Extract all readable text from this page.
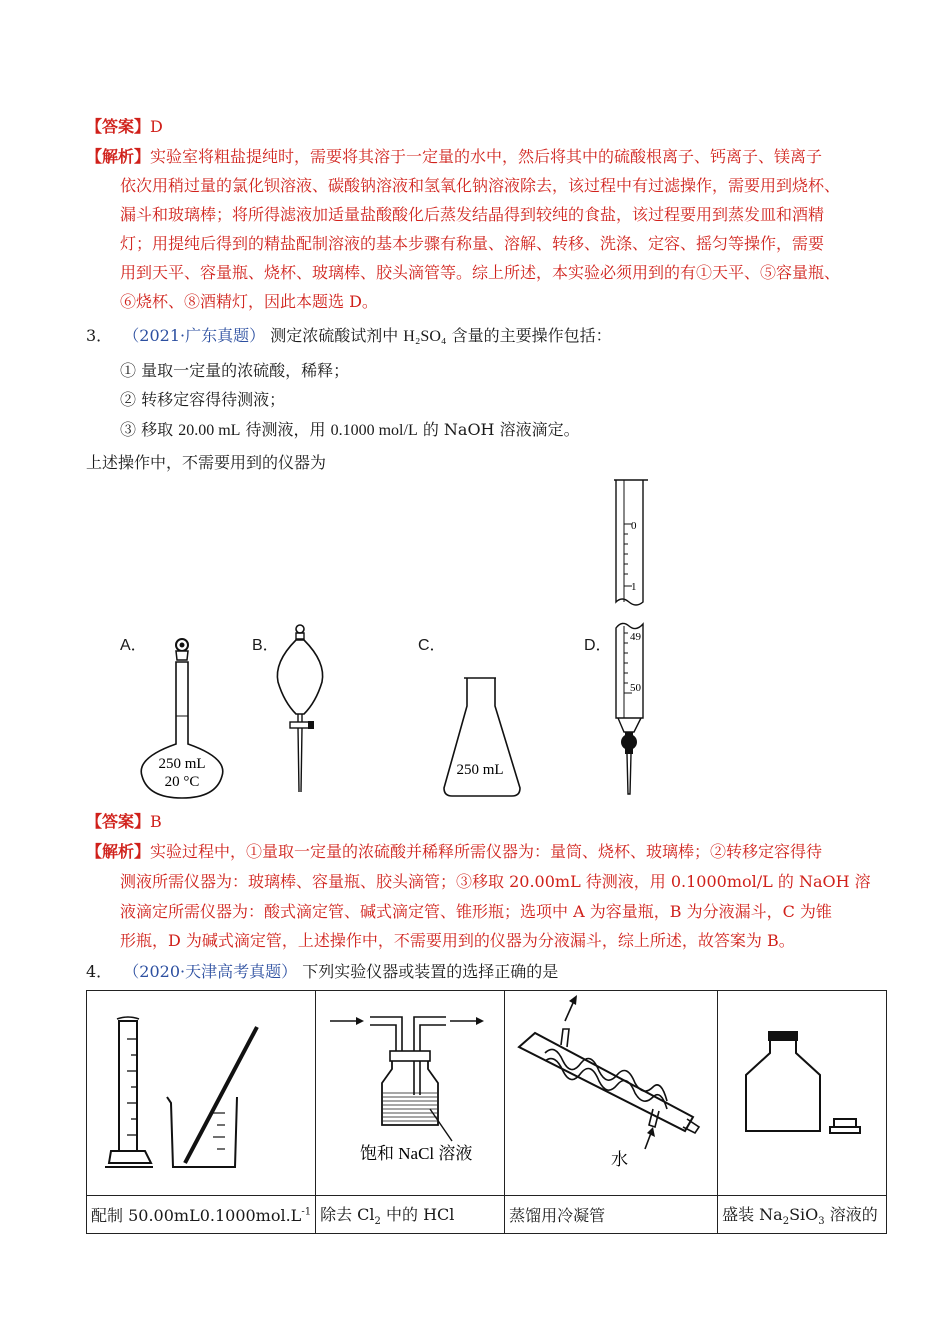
【答案】D
【解析】实验室将粗盐提纯时，需要将其溶于一定量的水中，然后将其中的硫酸根离子、钙离子、镁离子
依次用稍过量的氯化钡溶液、碳酸钠溶液和氢氧化钠溶液除去，该过程中有过滤操作，需要用到烧杯、
漏斗和玻璃棒；将所得滤液加适量盐酸酸化后蒸发结晶得到较纯的食盐，该过程要用到蒸发皿和酒精
灯；用提纯后得到的精盐配制溶液的基本步骤有称量、溶解、转移、洗涤、定容、摇匀等操作，需要
用到天平、容量瓶、烧杯、玻璃棒、胶头滴管等。综上所述，本实验必须用到的有①天平、⑤容量瓶、
⑥烧杯、⑧酒精灯，因此本题选 D。
3． （2021·广东真题） 测定浓硫酸试剂中 H₂SO₄ 含量的主要操作包括：
① 量取一定量的浓硫酸，稀释；
② 转移定容得待测液；
③ 移取 20.00 mL 待测液，用 0.1000 mol/L 的 NaOH 溶液滴定。
上述操作中，不需要用到的仪器为
A．	B．	C．	D．
250 mL
20 °C
250 mL
0
1
49
50
【答案】B
【解析】实验过程中，①量取一定量的浓硫酸并稀释所需仪器为：量筒、烧杯、玻璃棒；②转移定容得待
测液所需仪器为：玻璃棒、容量瓶、胶头滴管；③移取 20.00mL 待测液，用 0.1000mol/L 的 NaOH 溶
液滴定所需仪器为：酸式滴定管、碱式滴定管、锥形瓶；选项中 A 为容量瓶，B 为分液漏斗，C 为锥
形瓶，D 为碱式滴定管，上述操作中，不需要用到的仪器为分液漏斗，综上所述，故答案为 B。
4． （2020·天津高考真题） 下列实验仪器或装置的选择正确的是

饱和 NaCl 溶液	水

配制 $50.00mL0.1000mol.L^{-1}$	除去 $Cl_2$ 中的 HCl	蒸馏用冷凝管	盛装 $Na_2SiO_3$ 溶液的
